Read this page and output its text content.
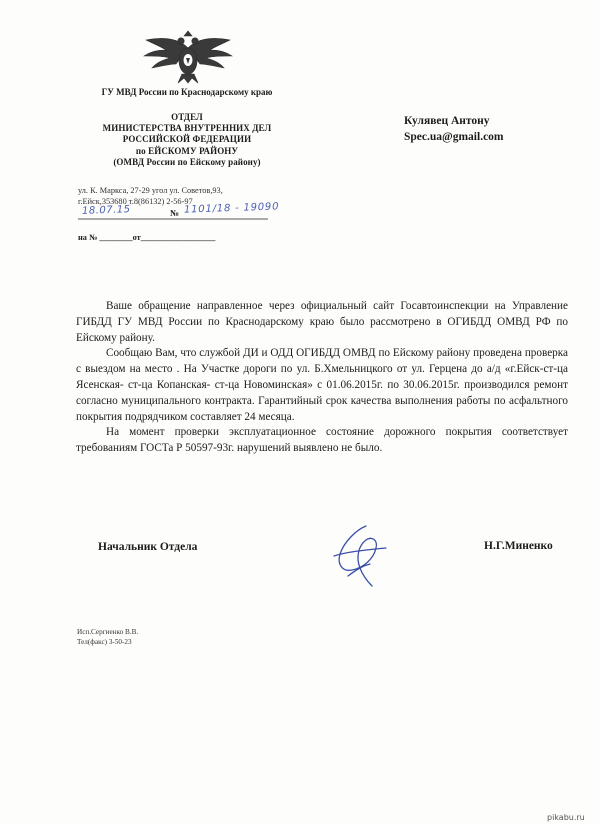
ГУ МВД России по Краснодарскому краю
ОТДЕЛ
МИНИСТЕРСТВА ВНУТРЕННИХ ДЕЛ
РОССИЙСКОЙ ФЕДЕРАЦИИ
по ЕЙСКОМУ РАЙОНУ
(ОМВД России по Ейскому району)
ул. К. Маркса, 27-29 угол ул. Советов,93,
г.Ейск,353680 т.8(86132) 2-56-97
18.07.15	№ 1101/18 - 19090
на № ________от__________________
Кулявец Антону
Spec.ua@gmail.com

Ваше обращение направленное через официальный сайт Госавтоинспекции на Управление ГИБДД ГУ МВД России по Краснодарскому краю было рассмотрено в ОГИБДД ОМВД РФ по Ейскому району.

Сообщаю Вам, что службой ДИ и ОДД ОГИБДД ОМВД по Ейскому району проведена проверка с выездом на место . На Участке дороги по ул. Б.Хмельницкого от ул. Герцена до а/д «г.Ейск-ст-ца Ясенская- ст-ца Копанская- ст-ца Новоминская» с 01.06.2015г. по 30.06.2015г. производился ремонт согласно муниципального контракта. Гарантийный срок качества выполнения работы по асфальтного покрытия подрядчиком составляет 24 месяца.

На момент проверки эксплуатационное состояние дорожного покрытия соответствует требованиям ГОСТа Р 50597-93г. нарушений выявлено не было.

Начальник Отдела	Н.Г.Миненко
Исп.Сергиенко В.В.
Тел(факс) 3-50-23
pikabu.ru
